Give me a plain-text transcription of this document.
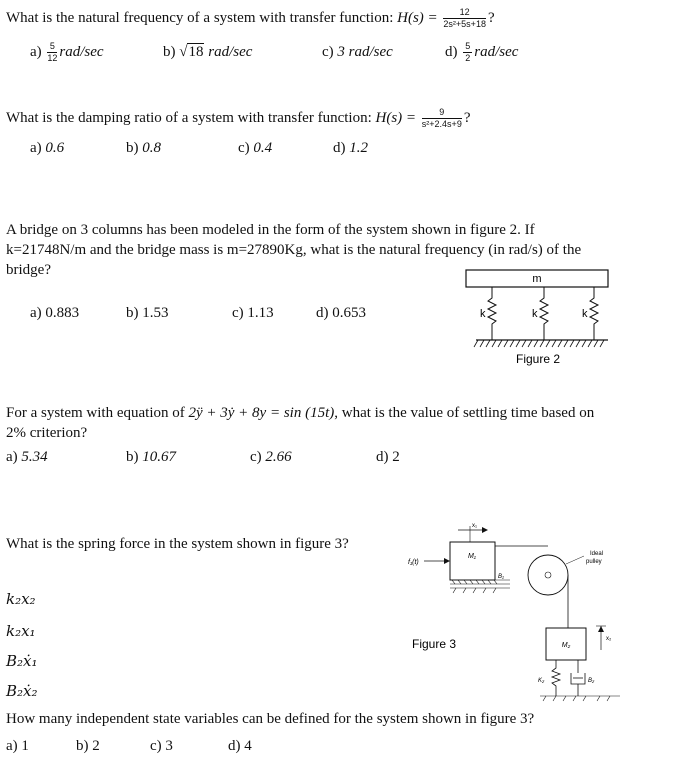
What is the natural frequency of a system with transfer function: $H(s) = \frac{12}{\text{2s²+5s+18}}$ ?
$a) \frac{5}{12} rad/\sec$	b) √18 rad/sec	c) 3 rad/sec	$d) \frac{5}{2} rad/\sec$
What is the damping ratio of a system with transfer function: $H(s) = \frac{9}{\text{s²+2.4s+9}}$ ?
a) 0.6	b) 0.8	c) 0.4	d) 1.2
A bridge on 3 columns has been modeled in the form of the system shown in figure 2. If k=21748N/m and the bridge mass is m=27890Kg, what is the natural frequency (in rad/s) of the bridge?
a) 0.883	b) 1.53	c) 1.13	d) 0.653
m
k	k	k
Figure 2
For a system with equation of 2ÿ + 3ẏ + 8y = sin (15t), what is the value of settling time based on 2% criterion?
a) 5.34	b) 10.67	c) 2.66	d) 2
What is the spring force in the system shown in figure 3?
k₂x₂
k₂x₁
B₂ẋ₁
B₂ẋ₂
x₁
f₁(t)
M₁
B₁
Ideal
pulley
M₂
x₂
K₂	B₂
Figure 3
How many independent state variables can be defined for the system shown in figure 3?
a) 1	b) 2	c) 3	d) 4
